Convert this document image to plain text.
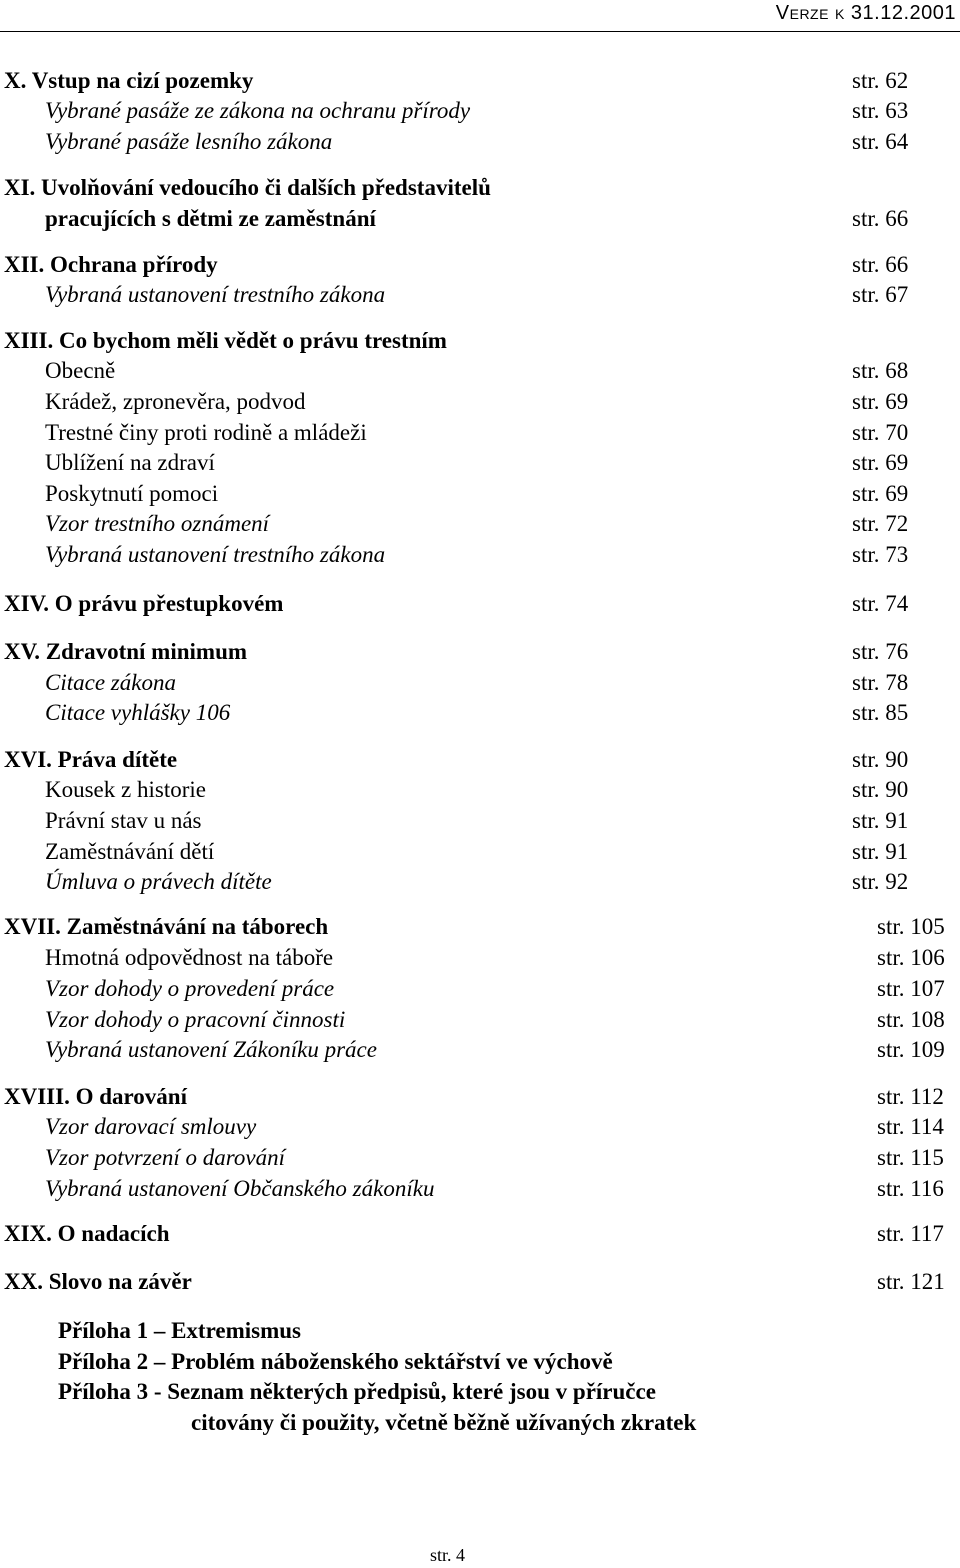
Verze k 31.12.2001
X. Vstup na cizí pozemky	str. 62
Vybrané pasáže ze zákona na ochranu přírody	str. 63
Vybrané pasáže lesního zákona	str. 64
XI. Uvolňování vedoucího či dalších představitelů
pracujících s dětmi ze zaměstnání	str. 66
XII. Ochrana přírody	str. 66
Vybraná ustanovení trestního zákona	str. 67
XIII. Co bychom měli vědět o právu trestním
Obecně	str. 68
Krádež, zpronevěra, podvod	str. 69
Trestné činy proti rodině a mládeži	str. 70
Ublížení na zdraví	str. 69
Poskytnutí pomoci	str. 69
Vzor trestního oznámení	str. 72
Vybraná ustanovení trestního zákona	str. 73
XIV. O právu přestupkovém	str. 74
XV. Zdravotní minimum	str. 76
Citace zákona	str. 78
Citace vyhlášky 106	str. 85
XVI. Práva dítěte	str. 90
Kousek z historie	str. 90
Právní stav u nás	str. 91
Zaměstnávání dětí	str. 91
Úmluva o právech dítěte	str. 92
XVII. Zaměstnávání na táborech	str. 105
Hmotná odpovědnost na táboře	str. 106
Vzor dohody o provedení práce	str. 107
Vzor dohody o pracovní činnosti	str. 108
Vybraná ustanovení Zákoníku práce	str. 109
XVIII. O darování	str. 112
Vzor darovací smlouvy	str. 114
Vzor potvrzení o darování	str. 115
Vybraná ustanovení Občanského zákoníku	str. 116
XIX. O nadacích	str. 117
XX. Slovo na závěr	str. 121
Příloha 1 – Extremismus
Příloha 2 – Problém náboženského sektářství ve výchově
Příloha 3 - Seznam některých předpisů, které jsou v příručce
citovány či použity, včetně běžně užívaných zkratek
str. 4
